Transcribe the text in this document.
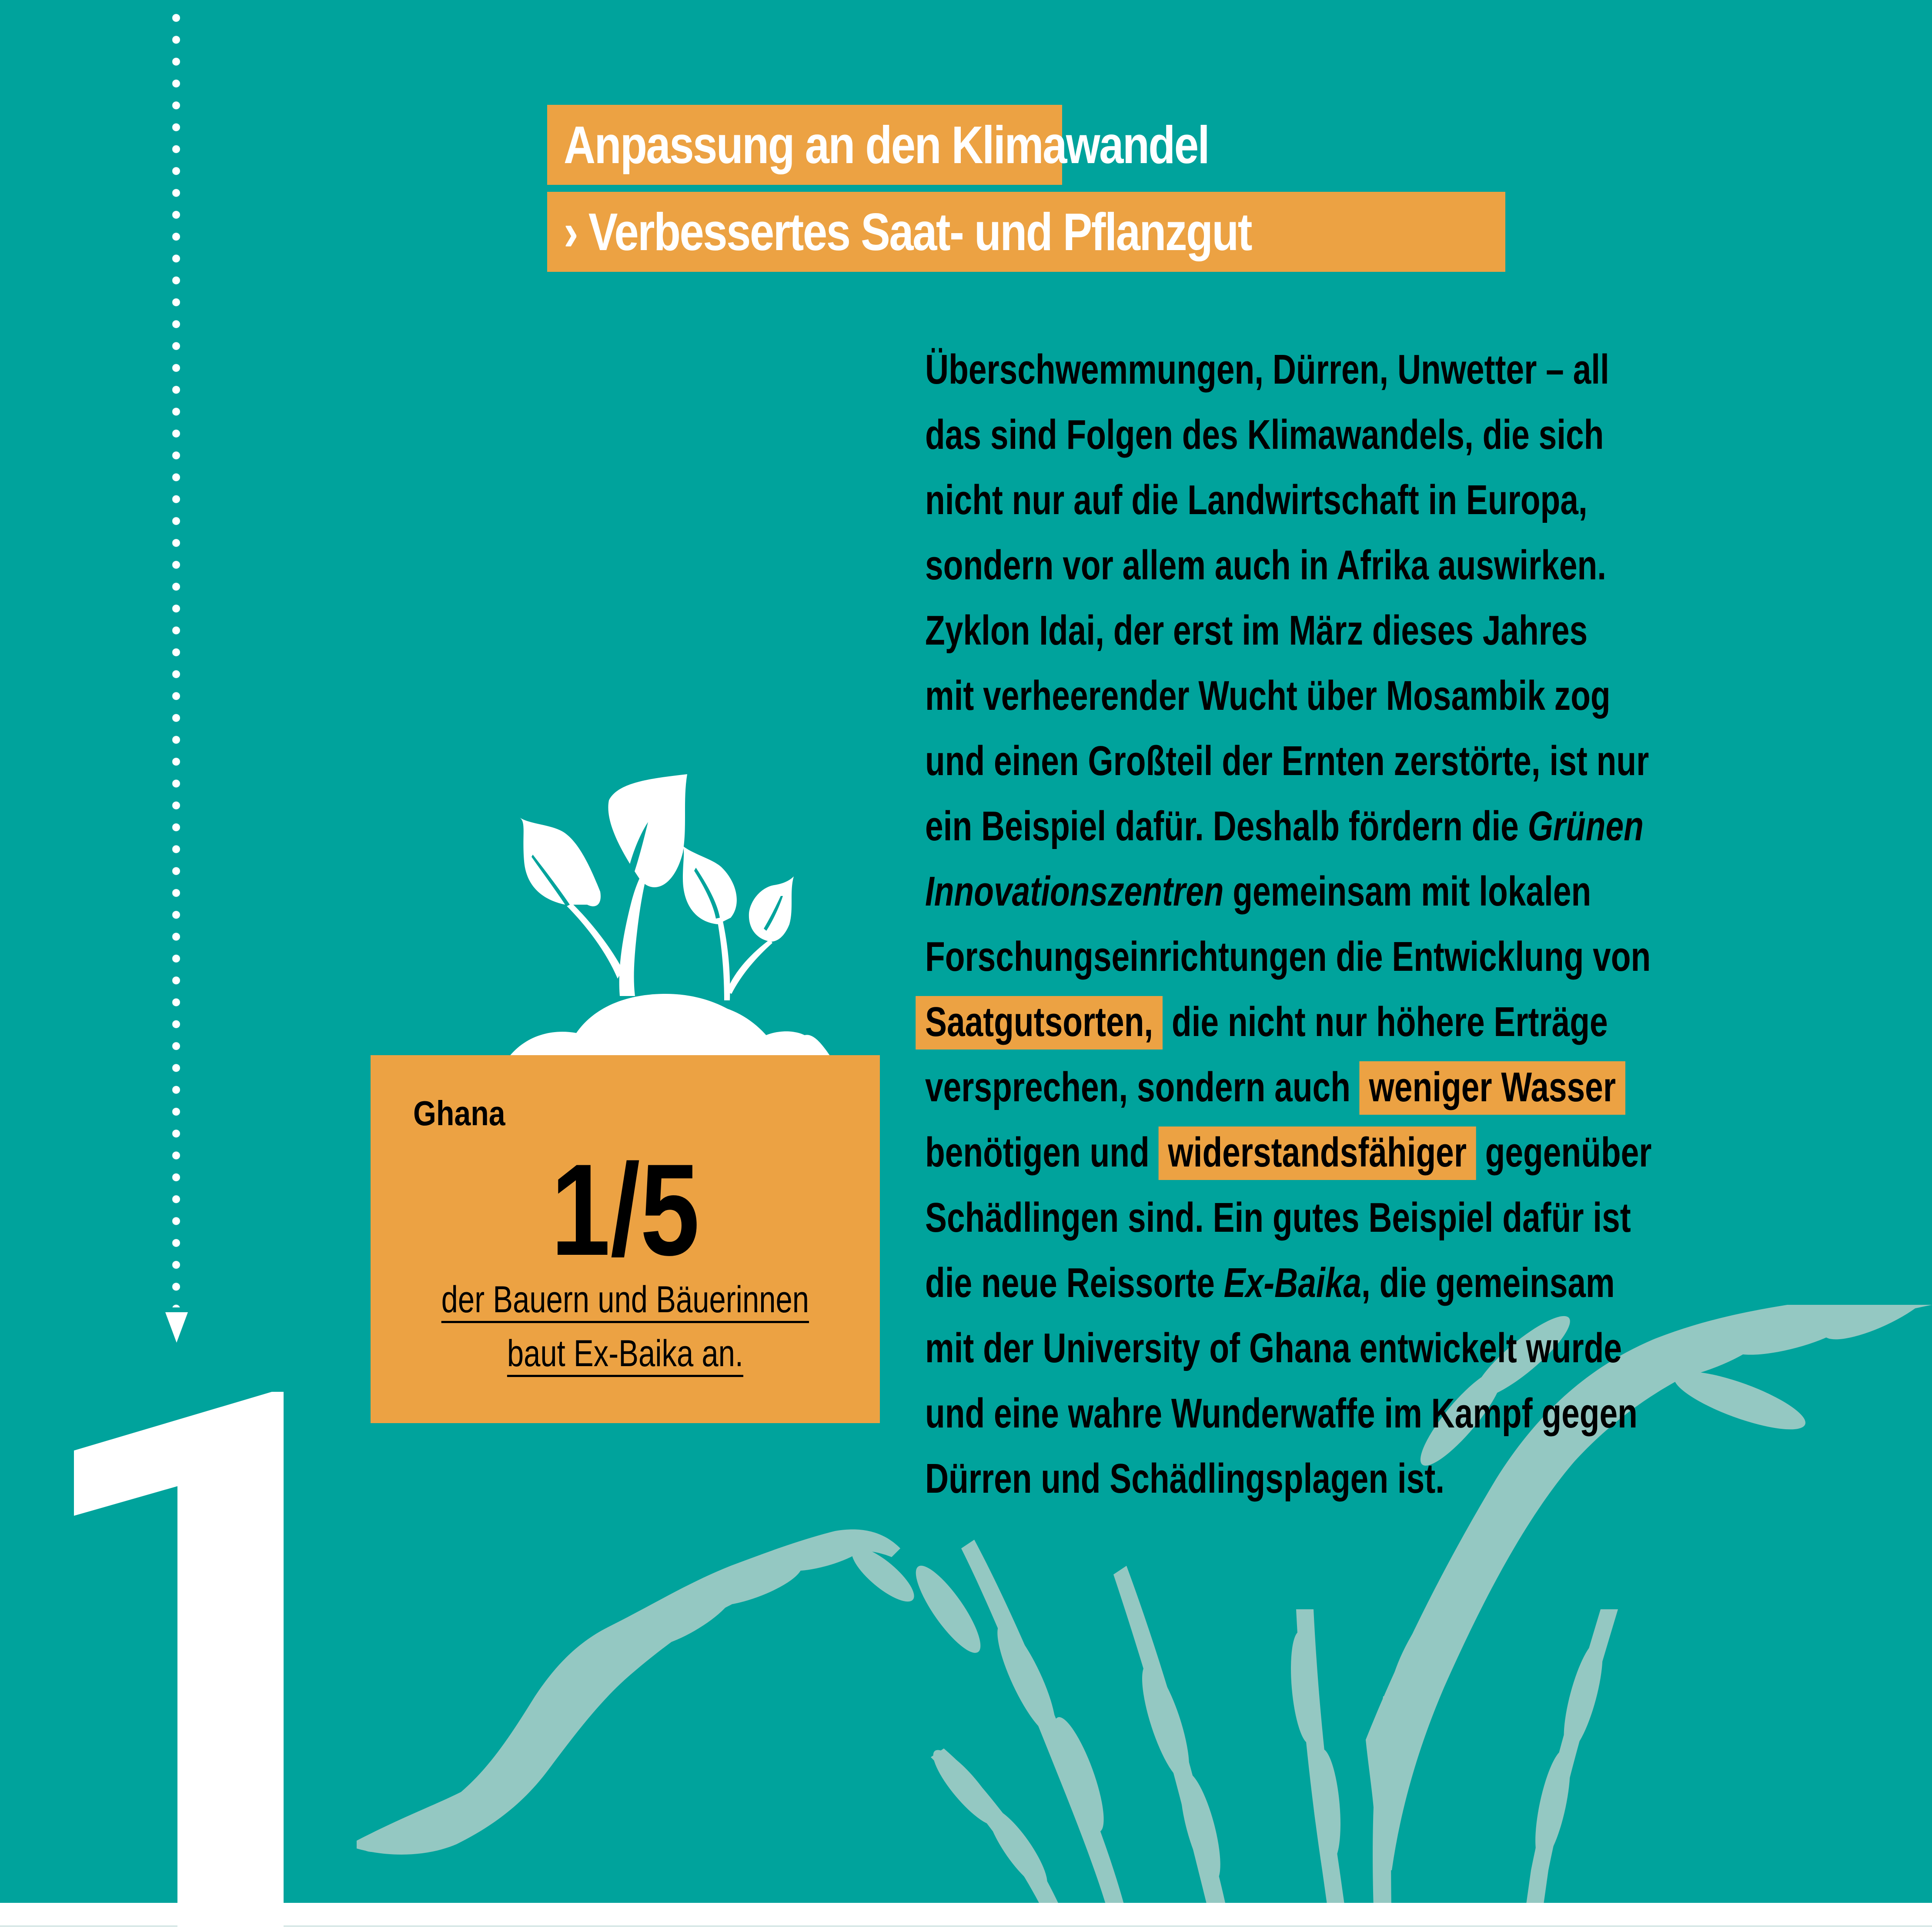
Anpassung an den Klimawandel
› Verbessertes Saat- und Pflanzgut
Überschwemmungen, Dürren, Unwetter – all
das sind Folgen des Klimawandels, die sich
nicht nur auf die Landwirtschaft in Europa,
sondern vor allem auch in Afrika auswirken.
Zyklon Idai, der erst im März dieses Jahres
mit verheerender Wucht über Mosambik zog
und einen Großteil der Ernten zerstörte, ist nur
ein Beispiel dafür. Deshalb fördern die Grünen
Innovationszentren gemeinsam mit lokalen
Forschungseinrichtungen die Entwicklung von
Saatgutsorten, die nicht nur höhere Erträge
versprechen, sondern auch weniger Wasser
benötigen und widerstandsfähiger gegenüber
Schädlingen sind. Ein gutes Beispiel dafür ist
die neue Reissorte Ex-Baika, die gemeinsam
mit der University of Ghana entwickelt wurde
und eine wahre Wunderwaffe im Kampf gegen
Dürren und Schädlingsplagen ist.
Ghana
1/5
der Bauern und Bäuerinnen
baut Ex-Baika an.
